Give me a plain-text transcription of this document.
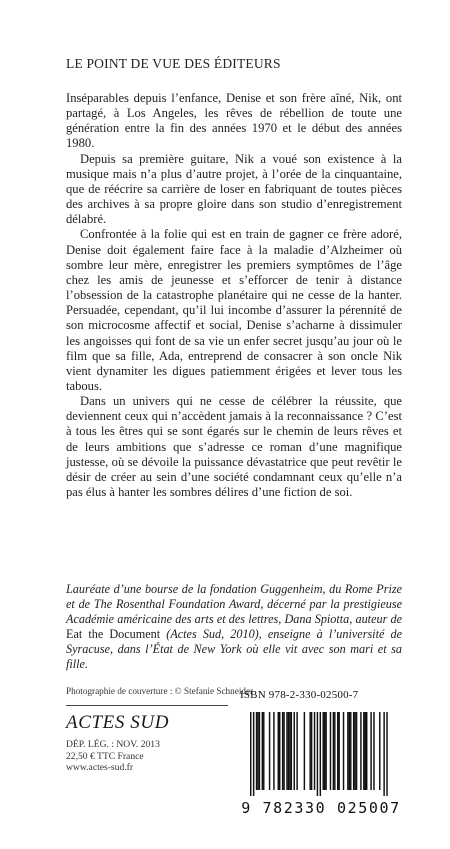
LE POINT DE VUE DES ÉDITEURS

Inséparables depuis l’enfance, Denise et son frère aîné, Nik, ont partagé, à Los Angeles, les rêves de rébellion de toute une génération entre la fin des années 1970 et le début des années 1980.

Depuis sa première guitare, Nik a voué son existence à la musique mais n’a plus d’autre projet, à l’orée de la cinquantaine, que de réécrire sa carrière de loser en fabriquant de toutes pièces des archives à sa propre gloire dans son studio d’enregistrement délabré.

Confrontée à la folie qui est en train de gagner ce frère adoré, Denise doit également faire face à la maladie d’Alzheimer où sombre leur mère, enregistrer les premiers symptômes de l’âge chez les amis de jeunesse et s’efforcer de tenir à distance l’obsession de la catastrophe planétaire qui ne cesse de la hanter. Persuadée, cependant, qu’il lui incombe d’assurer la pérennité de son microcosme affectif et social, Denise s’acharne à dissimuler les angoisses qui font de sa vie un enfer secret jusqu’au jour où le film que sa fille, Ada, entreprend de consacrer à son oncle Nik vient dynamiter les digues patiemment érigées et lever tous les tabous.

Dans un univers qui ne cesse de célébrer la réussite, que deviennent ceux qui n’accèdent jamais à la reconnaissance ? C’est à tous les êtres qui se sont égarés sur le chemin de leurs rêves et de leurs ambitions que s’adresse ce roman d’une magnifique justesse, où se dévoile la puissance dévastatrice que peut revêtir le désir de créer au sein d’une société condamnant ceux qu’elle n’a pas élus à hanter les sombres délires d’une fiction de soi.

Lauréate d’une bourse de la fondation Guggenheim, du Rome Prize et de The Rosenthal Foundation Award, décerné par la prestigieuse Académie américaine des arts et des lettres, Dana Spiotta, auteur de Eat the Document (Actes Sud, 2010), enseigne à l’université de Syracuse, dans l’État de New York où elle vit avec son mari et sa fille.

Photographie de couverture : © Stefanie Schneider
ACTES SUD
DÉP. LÉG. : NOV. 2013
22,50 € TTC France
www.actes-sud.fr
ISBN 978-2-330-02500-7
9 782330 025007
